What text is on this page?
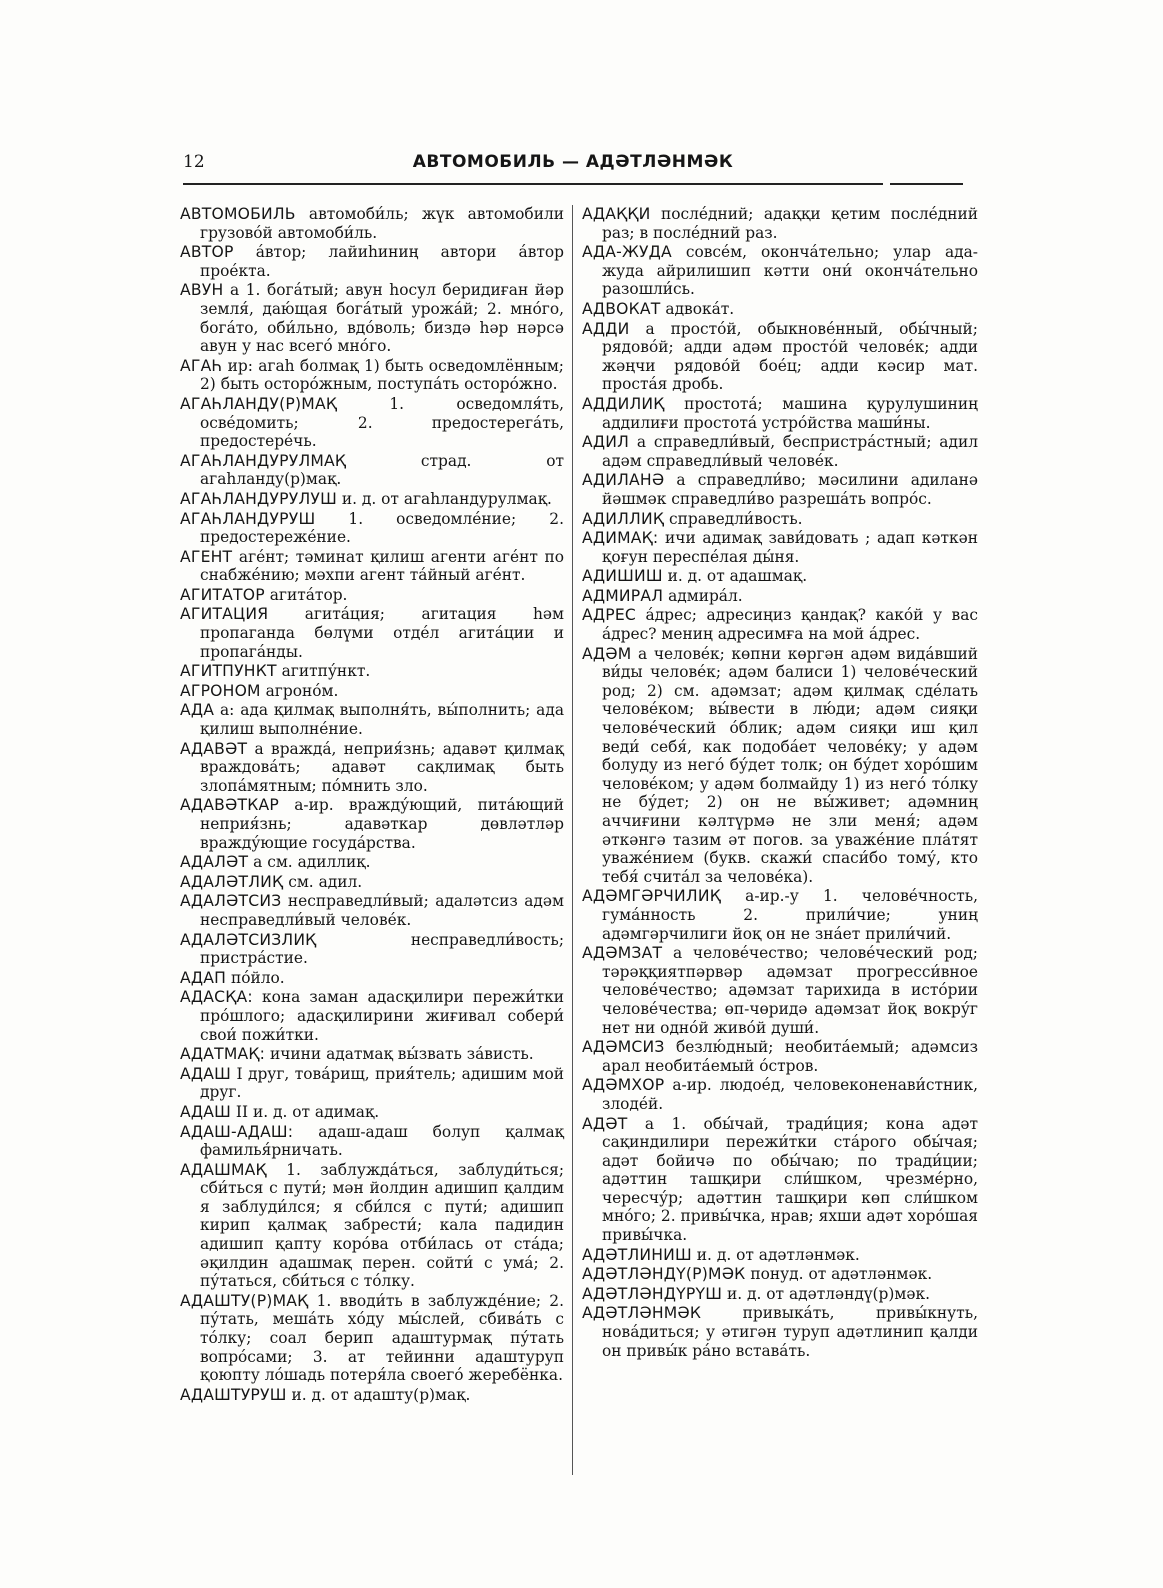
12	АВТОМОБИЛЬ — АДӘТЛӘНМӘК

АВТОМОБИЛЬ автомоби́ль; жүк автомобили грузово́й автомоби́ль.

АВТОР а́втор; лайиһиниң автори а́втор прое́кта.

АВУН а 1. бога́тый; авун һосул беридиған йәр земля́, даю́щая бога́тый урожа́й; 2. мно́го, бога́то, оби́льно, вдо́воль; биздә һәр нәрсә авун у нас всего́ мно́го.

АГАҺ ир: агаһ болмақ 1) быть осведомлённым; 2) быть осторо́жным, поступа́ть осторо́жно.

АГАҺЛАНДУ(Р)МАҚ 1. осведомля́ть, осве́домить; 2. предостерега́ть, предостере́чь.

АГАҺЛАНДУРУЛМАҚ страд. от агаһланду(р)мақ.

АГАҺЛАНДУРУЛУШ и. д. от агаһландурулмақ.

АГАҺЛАНДУРУШ 1. осведомле́ние; 2. предостереже́ние.

АГЕНТ аге́нт; тәминат қилиш агенти аге́нт по снабже́нию; мәхпи агент та́йный аге́нт.

АГИТАТОР агита́тор.

АГИТАЦИЯ агита́ция; агитация һәм пропаганда бөлүми отде́л агита́ции и пропага́нды.

АГИТПУНКТ агитпу́нкт.

АГРОНОМ агроно́м.

АДА а: ада қилмақ выполня́ть, вы́полнить; ада қилиш выполне́ние.

АДАВӘТ а вражда́, неприя́знь; адавәт қилмақ враждова́ть; адавәт сақлимақ быть злопа́мятным; по́мнить зло.

АДАВӘТКАР а-ир. вражду́ющий, пита́ющий неприя́знь; адавәткар дөвләтләр вражду́ющие госуда́рства.

АДАЛӘТ а см. адиллиқ.

АДАЛӘТЛИҚ см. адил.

АДАЛӘТСИЗ несправедли́вый; адаләтсиз адәм несправедли́вый челове́к.

АДАЛӘТСИЗЛИҚ несправедли́вость; пристра́стие.

АДАП по́йло.

АДАСҚА: кона заман адасқилири пережи́тки про́шлого; адасқилирини жиғивал собери́ свои́ пожи́тки.

АДАТМАҚ: ичини адатмақ вы́звать за́висть.

АДАШ I друг, това́рищ, прия́тель; адишим мой друг.

АДАШ II и. д. от адимақ.

АДАШ-АДАШ: адаш-адаш болуп қалмақ фамилья́рничать.

АДАШМАҚ 1. заблужда́ться, заблуди́ться; сби́ться с пути́; мән йолдин адишип қалдим я заблуди́лся; я сби́лся с пути́; адишип кирип қалмақ забрести́; кала падидин адишип қапту коро́ва отби́лась от ста́да; әқилдин адашмақ перен. сойти́ с ума́; 2. пу́таться, сби́ться с то́лку.

АДАШТУ(Р)МАҚ 1. вводи́ть в заблужде́ние; 2. пу́тать, меша́ть хо́ду мы́слей, сбива́ть с то́лку; соал берип адаштурмақ пу́тать вопро́сами; 3. ат тейинни адаштуруп қоюпту ло́шадь потеря́ла своего́ жеребёнка.

АДАШТУРУШ и. д. от адашту(р)мақ.

АДАҚҚИ после́дний; адаққи қетим после́дний раз; в после́дний раз.

АДА-ЖУДА совсе́м, оконча́тельно; улар ада-жуда айрилишип кәтти они́ оконча́тельно разошли́сь.

АДВОКАТ адвока́т.

АДДИ а просто́й, обыкнове́нный, обы́чный; рядово́й; адди адәм просто́й челове́к; адди жәңчи рядово́й бое́ц; адди кәсир мат. проста́я дробь.

АДДИЛИҚ простота́; машина қурулушиниң аддилиғи простота́ устро́йства маши́ны.

АДИЛ а справедли́вый, беспристра́стный; адил адәм справедли́вый челове́к.

АДИЛАНӘ а справедли́во; мәсилини адиланә йәшмәк справедли́во разреша́ть вопро́с.

АДИЛЛИҚ справедли́вость.

АДИМАҚ: ичи адимақ зави́довать ; адап кәткән қоғун переспе́лая ды́ня.

АДИШИШ и. д. от адашмақ.

АДМИРАЛ адмира́л.

АДРЕС а́дрес; адресиңиз қандақ? како́й у вас а́дрес? мениң адресимға на мой а́дрес.

АДӘМ а челове́к; көпни көргән адәм вида́вший ви́ды челове́к; адәм балиси 1) челове́ческий род; 2) см. адәмзат; адәм қилмақ сде́лать челове́ком; вы́вести в лю́ди; адәм сияқи челове́ческий о́блик; адәм сияқи иш қил веди́ себя́, как подоба́ет челове́ку; у адәм болуду из него́ бу́дет толк; он бу́дет хоро́шим челове́ком; у адәм болмайду 1) из него́ то́лку не бу́дет; 2) он не вы́живет; адәмниң аччиғини кәлтүрмә не зли меня́; адәм әткәнгә тазим әт погов. за уваже́ние пла́тят уваже́нием (букв. скажи́ спаси́бо тому́, кто тебя́ счита́л за челове́ка).

АДӘМГӘРЧИЛИҚ а-ир.-у 1. челове́чность, гума́нность 2. прили́чие; униң адәмгәрчилиги йоқ он не зна́ет прили́чий.

АДӘМЗАТ а челове́чество; челове́ческий род; тәрәққиятпәрвәр адәмзат прогресси́вное челове́чество; адәмзат тарихида в исто́рии челове́чества; өп-чөридә адәмзат йоқ вокру́г нет ни одно́й живо́й души́.

АДӘМСИЗ безлю́дный; необита́емый; адәмсиз арал необита́емый о́стров.

АДӘМХОР а-ир. людое́д, человеконенави́стник, злоде́й.

АДӘТ а 1. обы́чай, тради́ция; кона адәт сақиндилири пережи́тки ста́рого обы́чая; адәт бойичә по обы́чаю; по тради́ции; адәттин ташқири сли́шком, чрезме́рно, чересчу́р; адәттин ташқири көп сли́шком мно́го; 2. привы́чка, нрав; яхши адәт хоро́шая привы́чка.

АДӘТЛИНИШ и. д. от адәтләнмәк.

АДӘТЛӘНДҮ(Р)МӘК понуд. от адәтләнмәк.

АДӘТЛӘНДҮРҮШ и. д. от адәтләндү(р)мәк.

АДӘТЛӘНМӘК привыка́ть, привы́кнуть, нова́диться; у әтигән туруп адәтлинип қалди он привы́к ра́но встава́ть.
